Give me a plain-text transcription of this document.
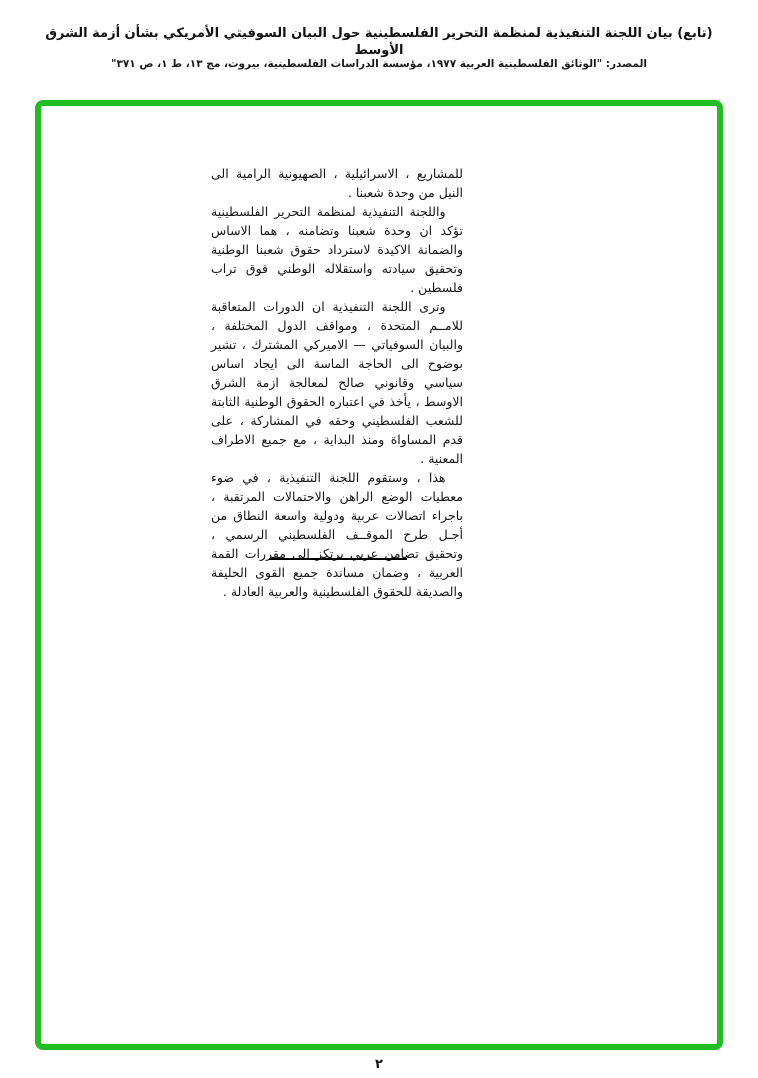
(تابع) بيان اللجنة التنفيذية لمنظمة التحرير الفلسطينية حول البيان السوفيتي الأمريكي بشأن أزمة الشرق الأوسط
المصدر: "الوثائق الفلسطينية العربية ١٩٧٧، مؤسسة الدراسات الفلسطينية، بيروت، مج ١٣، ط ١، ص ٣٧١"

للمشاريع ، الاسرائيلية ، الصهيونية الرامية الى النيل من وحدة شعبنا .

واللجنة التنفيذية لمنظمة التحرير الفلسطينية تؤكد ان وحدة شعبنا وتضامنه ، هما الاساس والضمانة الاكيدة لاسترداد حقوق شعبنا الوطنية وتحقيق سيادته واستقلاله الوطني فوق تراب فلسطين .

وترى اللجنة التنفيذية ان الدورات المتعاقبة للامــم المتحدة ، ومواقف الدول المختلفة ، والبيان السوفياتي — الاميركي المشترك ، تشير بوضوح الى الحاجة الماسة الى ايجاد اساس سياسي وقانوني صالح لمعالجة ازمة الشرق الاوسط ، يأخذ في اعتباره الحقوق الوطنية الثابتة للشعب الفلسطيني وحقه في المشاركة ، على قدم المساواة ومنذ البداية ، مع جميع الاطراف المعنية .

هذا ، وستقوم اللجنة التنفيذية ، في ضوء معطيات الوضع الراهن والاحتمالات المرتقبة ، باجراء اتصالات عربية ودولية واسعة النطاق من أجـل طرح الموقــف الفلسطيني الرسمي ، وتحقيق تضامن عربي يرتكز الى مقررات القمة العربية ، وضمان مساندة جميع القوى الحليفة والصديقة للحقوق الفلسطينية والعربية العادلة .

٢
